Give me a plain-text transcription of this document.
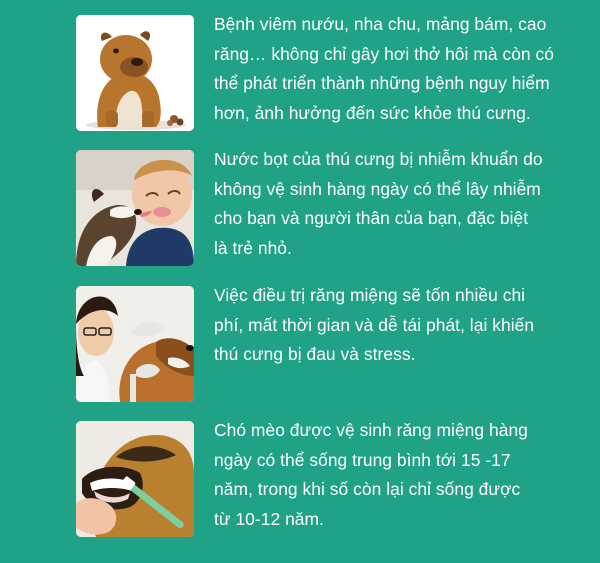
Bệnh viêm nướu, nha chu, mảng bám, cao
răng… không chỉ gây hơi thở hôi mà còn có
thể phát triển thành những bệnh nguy hiểm
hơn, ảnh hưởng đến sức khỏe thú cưng.
Nước bọt của thú cưng bị nhiễm khuẩn do
không vệ sinh hàng ngày có thể lây nhiễm
cho bạn và người thân của bạn, đặc biệt
là trẻ nhỏ.
Việc điều trị răng miệng sẽ tốn nhiều chi
phí, mất thời gian và dễ tái phát, lại khiến
thú cưng bị đau và stress.
Chó mèo được vệ sinh răng miệng hàng
ngày có thể sống trung bình tới 15 -17
năm, trong khi số còn lại chỉ sống được
từ 10-12 năm.
